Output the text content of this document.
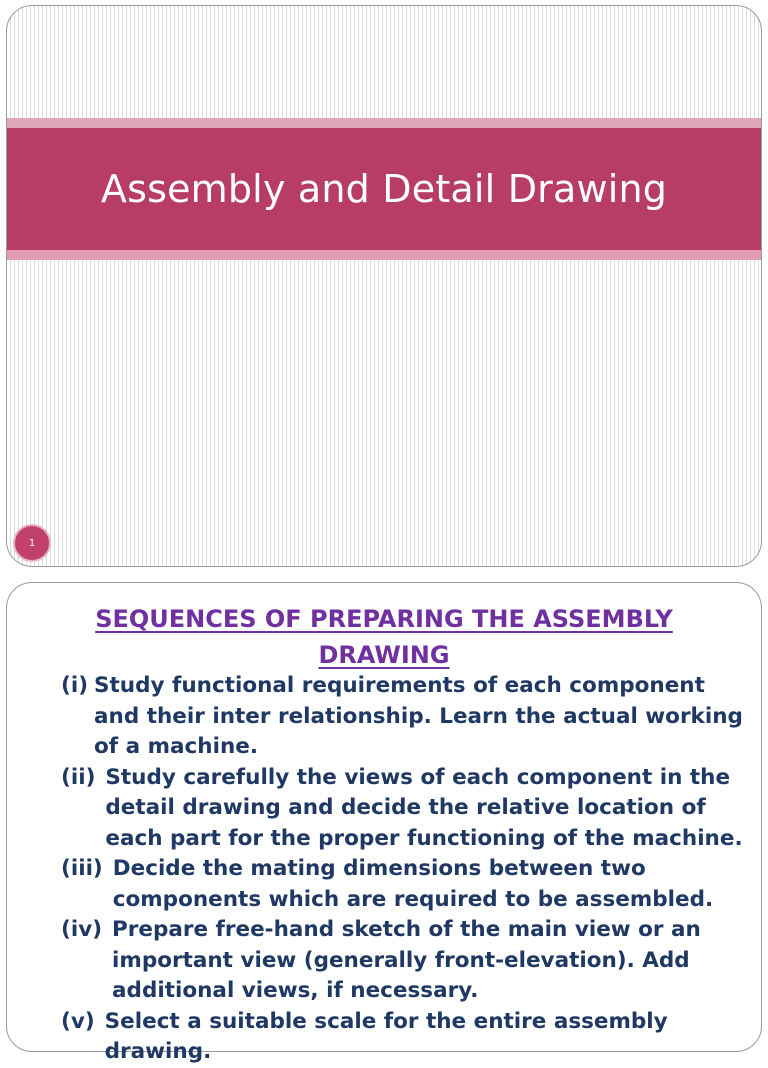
Assembly and Detail Drawing
1
SEQUENCES OF PREPARING THE ASSEMBLY
DRAWING
(i) Study functional requirements of each component and their inter relationship. Learn the actual working of a machine.
(ii) Study carefully the views of each component in the detail drawing and decide the relative location of each part for the proper functioning of the machine.
(iii) Decide the mating dimensions between two components which are required to be assembled.
(iv) Prepare free-hand sketch of the main view or an important view (generally front-elevation). Add additional views, if necessary.
(v) Select a suitable scale for the entire assembly drawing.
